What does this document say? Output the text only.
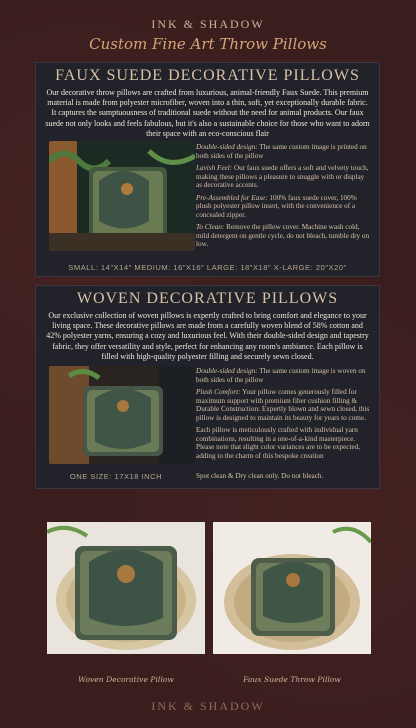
INK & SHADOW
Custom Fine Art Throw Pillows
FAUX SUEDE DECORATIVE PILLOWS
Our decorative throw pillows are crafted from luxurious, animal-friendly Faux Suede. This premium material is made from polyester microfiber, woven into a thin, soft, yet exceptionally durable fabric. It captures the sumptuousness of traditional suede without the need for animal products. Our faux suede not only looks and feels fabulous, but it's also a sustainable choice for those who want to adorn their space with an eco-conscious flair
Double-sided design: The same custom image is printed on both sides of the pillow
Lavish Feel: Our faux suede offers a soft and velvety touch, making these pillows a pleasure to snuggle with or display as decorative accents.
Pre-Assembled for Ease: 100% faux suede cover, 100% plush polyester pillow insert, with the convenience of a concealed zipper.
To Clean: Remove the pillow cover. Machine wash cold, mild detergent on gentle cycle, do not bleach, tumble dry on low.
SMALL: 14"X14" MEDIUM: 16"X16" LARGE: 18"X18" X-LARGE: 20"X20"
WOVEN DECORATIVE PILLOWS
Our exclusive collection of woven pillows is expertly crafted to bring comfort and elegance to your living space. These decorative pillows are made from a carefully woven blend of 58% cotton and 42% polyester yarns, ensuring a cozy and luxurious feel. With their double-sided design and tapestry fabric, they offer versatility and style, perfect for enhancing any room's ambiance. Each pillow is filled with high-quality polyester filling and securely sewn closed.
Double-sided design: The same custom image is woven on both sides of the pillow
Plush Comfort: Your pillow comes generously filled for maximum support with premium fiber cushion filling & Durable Construction: Expertly blown and sewn closed, this pillow is designed to maintain its beauty for years to come.
Each pillow is meticulously crafted with individual yarn combinations, resulting in a one-of-a-kind masterpiece. Please note that slight color variances are to be expected, adding to the charm of this bespoke creation
ONE SIZE: 17X18 INCH	Spot clean & Dry clean only. Do not bleach.
Woven Decorative Pillow	Faux Suede Throw Pillow
INK & SHADOW
